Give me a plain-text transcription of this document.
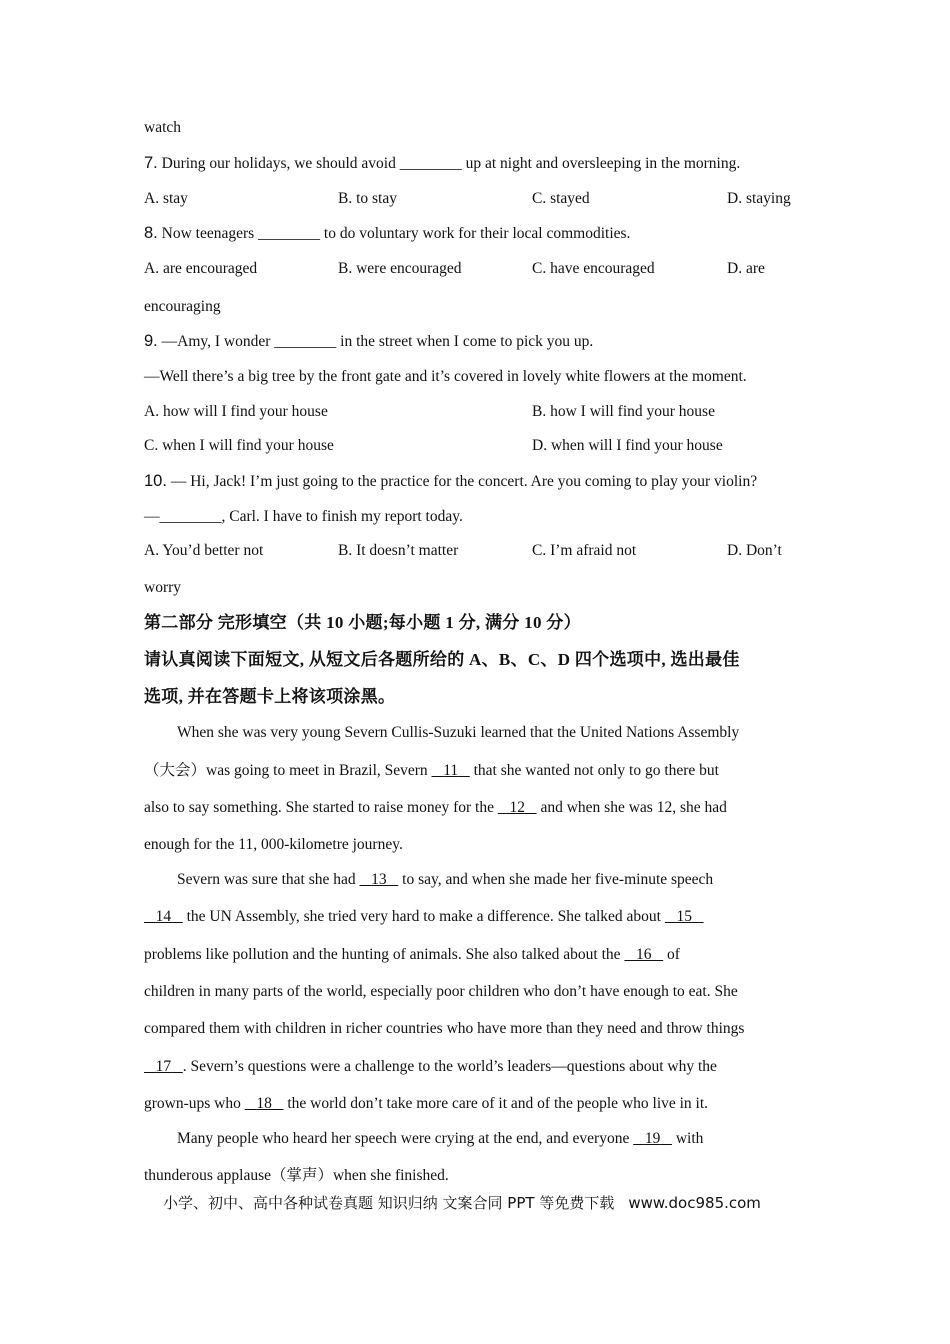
watch
7. During our holidays, we should avoid ________ up at night and oversleeping in the morning.
A. stay	B. to stay	C. stayed	D. staying
8. Now teenagers ________ to do voluntary work for their local commodities.
A. are encouraged	B. were encouraged	C. have encouraged	D. are
encouraging
9. —Amy, I wonder ________ in the street when I come to pick you up.
—Well there’s a big tree by the front gate and it’s covered in lovely white flowers at the moment.
A. how will I find your house	B. how I will find your house
C. when I will find your house	D. when will I find your house
10. — Hi, Jack! I’m just going to the practice for the concert. Are you coming to play your violin?
—________, Carl. I have to finish my report today.
A. You’d better not	B. It doesn’t matter	C. I’m afraid not	D. Don’t
worry
第二部分 完形填空（共 10 小题;每小题 1 分, 满分 10 分）
请认真阅读下面短文, 从短文后各题所给的 A、B、C、D 四个选项中, 选出最佳
选项, 并在答题卡上将该项涂黑。
When she was very young Severn Cullis-Suzuki learned that the United Nations Assembly
（大会）was going to meet in Brazil, Severn    11    that she wanted not only to go there but
also to say something. She started to raise money for the    12    and when she was 12, she had
enough for the 11, 000-kilometre journey.
Severn was sure that she had    13    to say, and when she made her five-minute speech
14    the UN Assembly, she tried very hard to make a difference. She talked about    15
problems like pollution and the hunting of animals. She also talked about the    16    of
children in many parts of the world, especially poor children who don’t have enough to eat. She
compared them with children in richer countries who have more than they need and throw things
17 . Severn’s questions were a challenge to the world’s leaders—questions about why the
grown-ups who    18    the world don’t take more care of it and of the people who live in it.
Many people who heard her speech were crying at the end, and everyone    19    with
thunderous applause（掌声）when she finished.
小学、初中、高中各种试卷真题 知识归纳 文案合同 PPT 等免费下载 www.doc985.com
